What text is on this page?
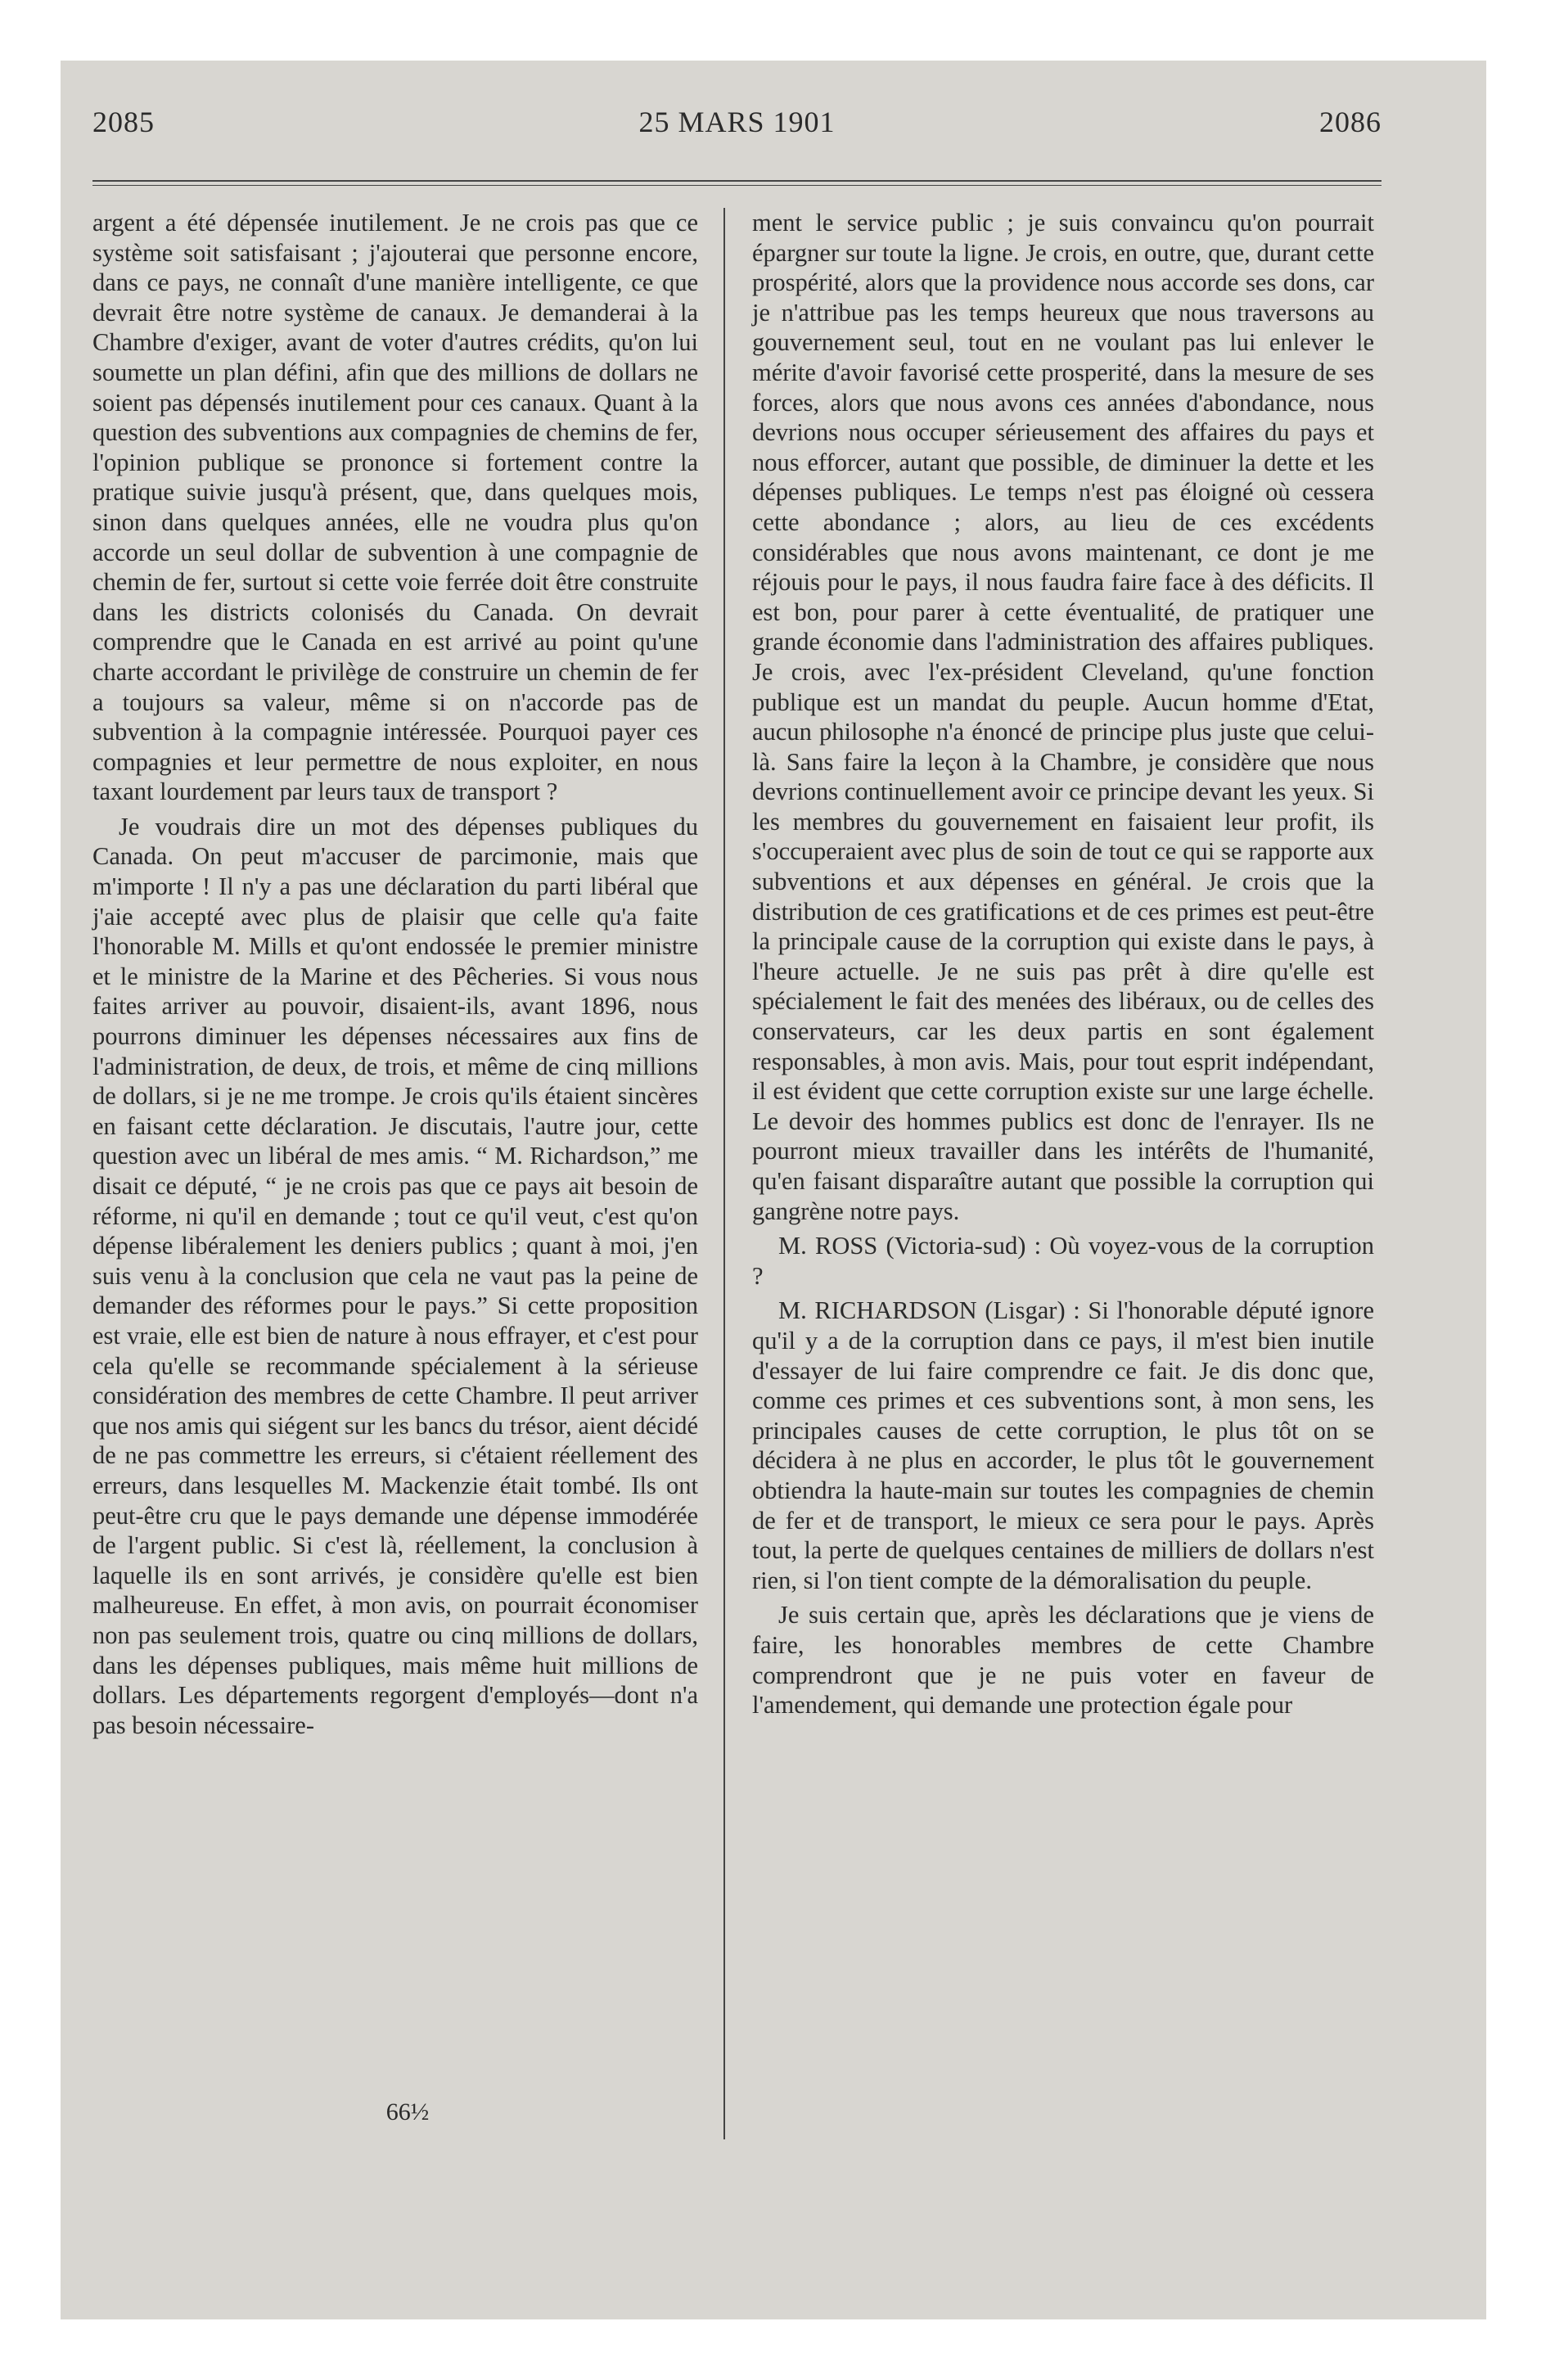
25 MARS 1901
2085	2086

argent a été dépensée inutilement. Je ne crois pas que ce système soit satisfaisant ; j'ajouterai que personne encore, dans ce pays, ne connaît d'une manière intelligente, ce que devrait être notre système de canaux. Je demanderai à la Chambre d'exiger, avant de voter d'autres crédits, qu'on lui soumette un plan défini, afin que des millions de dollars ne soient pas dépensés inutilement pour ces canaux. Quant à la question des subventions aux compagnies de chemins de fer, l'opinion publique se prononce si fortement contre la pratique suivie jusqu'à présent, que, dans quelques mois, sinon dans quelques années, elle ne voudra plus qu'on accorde un seul dollar de subvention à une compagnie de chemin de fer, surtout si cette voie ferrée doit être construite dans les districts colonisés du Canada. On devrait comprendre que le Canada en est arrivé au point qu'une charte accordant le privilège de construire un chemin de fer a toujours sa valeur, même si on n'accorde pas de subvention à la compagnie intéressée. Pourquoi payer ces compagnies et leur permettre de nous exploiter, en nous taxant lourdement par leurs taux de transport ?

Je voudrais dire un mot des dépenses publiques du Canada. On peut m'accuser de parcimonie, mais que m'importe ! Il n'y a pas une déclaration du parti libéral que j'aie accepté avec plus de plaisir que celle qu'a faite l'honorable M. Mills et qu'ont endossée le premier ministre et le ministre de la Marine et des Pêcheries. Si vous nous faites arriver au pouvoir, disaient-ils, avant 1896, nous pourrons diminuer les dépenses nécessaires aux fins de l'administration, de deux, de trois, et même de cinq millions de dollars, si je ne me trompe. Je crois qu'ils étaient sincères en faisant cette déclaration. Je discutais, l'autre jour, cette question avec un libéral de mes amis. “ M. Richardson,” me disait ce député, “ je ne crois pas que ce pays ait besoin de réforme, ni qu'il en demande ; tout ce qu'il veut, c'est qu'on dépense libéralement les deniers publics ; quant à moi, j'en suis venu à la conclusion que cela ne vaut pas la peine de demander des réformes pour le pays.” Si cette proposition est vraie, elle est bien de nature à nous effrayer, et c'est pour cela qu'elle se recommande spécialement à la sérieuse considération des membres de cette Chambre. Il peut arriver que nos amis qui siégent sur les bancs du trésor, aient décidé de ne pas commettre les erreurs, si c'étaient réellement des erreurs, dans lesquelles M. Mackenzie était tombé. Ils ont peut-être cru que le pays demande une dépense immodérée de l'argent public. Si c'est là, réellement, la conclusion à laquelle ils en sont arrivés, je considère qu'elle est bien malheureuse. En effet, à mon avis, on pourrait économiser non pas seulement trois, quatre ou cinq millions de dollars, dans les dépenses publiques, mais même huit millions de dollars. Les départements regorgent d'employés—dont n'a pas besoin nécessaire-

ment le service public ; je suis convaincu qu'on pourrait épargner sur toute la ligne. Je crois, en outre, que, durant cette prospérité, alors que la providence nous accorde ses dons, car je n'attribue pas les temps heureux que nous traversons au gouvernement seul, tout en ne voulant pas lui enlever le mérite d'avoir favorisé cette prosperité, dans la mesure de ses forces, alors que nous avons ces années d'abondance, nous devrions nous occuper sérieusement des affaires du pays et nous efforcer, autant que possible, de diminuer la dette et les dépenses publiques. Le temps n'est pas éloigné où cessera cette abondance ; alors, au lieu de ces excédents considérables que nous avons maintenant, ce dont je me réjouis pour le pays, il nous faudra faire face à des déficits. Il est bon, pour parer à cette éventualité, de pratiquer une grande économie dans l'administration des affaires publiques. Je crois, avec l'ex-président Cleveland, qu'une fonction publique est un mandat du peuple. Aucun homme d'Etat, aucun philosophe n'a énoncé de principe plus juste que celui-là. Sans faire la leçon à la Chambre, je considère que nous devrions continuellement avoir ce principe devant les yeux. Si les membres du gouvernement en faisaient leur profit, ils s'occuperaient avec plus de soin de tout ce qui se rapporte aux subventions et aux dépenses en général. Je crois que la distribution de ces gratifications et de ces primes est peut-être la principale cause de la corruption qui existe dans le pays, à l'heure actuelle. Je ne suis pas prêt à dire qu'elle est spécialement le fait des menées des libéraux, ou de celles des conservateurs, car les deux partis en sont également responsables, à mon avis. Mais, pour tout esprit indépendant, il est évident que cette corruption existe sur une large échelle. Le devoir des hommes publics est donc de l'enrayer. Ils ne pourront mieux travailler dans les intérêts de l'humanité, qu'en faisant disparaître autant que possible la corruption qui gangrène notre pays.

M. ROSS (Victoria-sud) : Où voyez-vous de la corruption ?

M. RICHARDSON (Lisgar) : Si l'honorable député ignore qu'il y a de la corruption dans ce pays, il m'est bien inutile d'essayer de lui faire comprendre ce fait. Je dis donc que, comme ces primes et ces subventions sont, à mon sens, les principales causes de cette corruption, le plus tôt on se décidera à ne plus en accorder, le plus tôt le gouvernement obtiendra la haute-main sur toutes les compagnies de chemin de fer et de transport, le mieux ce sera pour le pays. Après tout, la perte de quelques centaines de milliers de dollars n'est rien, si l'on tient compte de la démoralisation du peuple.

Je suis certain que, après les déclarations que je viens de faire, les honorables membres de cette Chambre comprendront que je ne puis voter en faveur de l'amendement, qui demande une protection égale pour

66½
